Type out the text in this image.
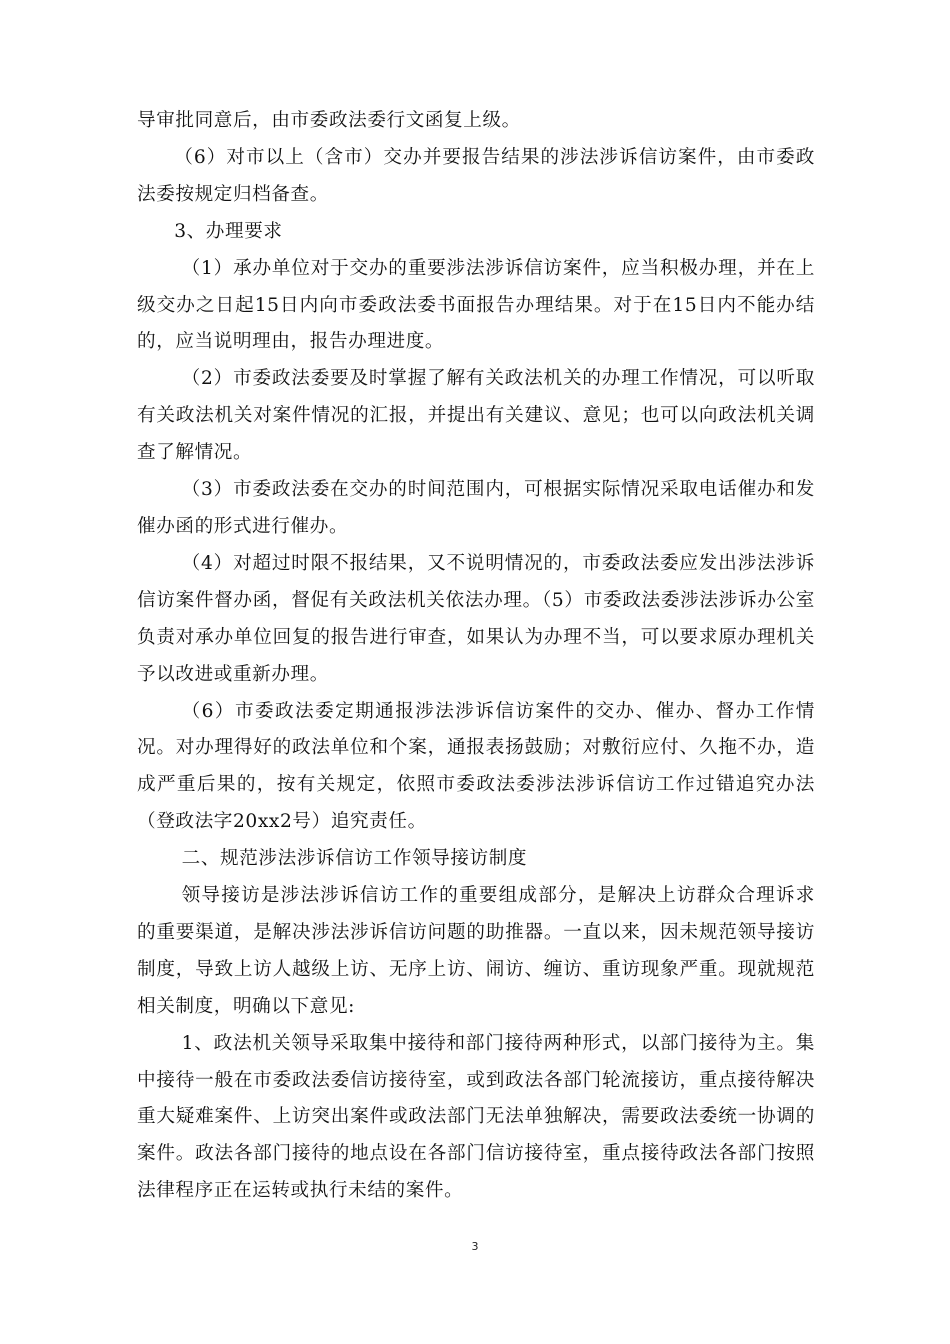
导审批同意后，由市委政法委行文函复上级。

（6）对市以上（含市）交办并要报告结果的涉法涉诉信访案件，由市委政法委按规定归档备查。

3、办理要求

（1）承办单位对于交办的重要涉法涉诉信访案件，应当积极办理，并在上级交办之日起15日内向市委政法委书面报告办理结果。对于在15日内不能办结的，应当说明理由，报告办理进度。

（2）市委政法委要及时掌握了解有关政法机关的办理工作情况，可以听取有关政法机关对案件情况的汇报，并提出有关建议、意见；也可以向政法机关调查了解情况。

（3）市委政法委在交办的时间范围内，可根据实际情况采取电话催办和发催办函的形式进行催办。

（4）对超过时限不报结果，又不说明情况的，市委政法委应发出涉法涉诉信访案件督办函，督促有关政法机关依法办理。（5）市委政法委涉法涉诉办公室负责对承办单位回复的报告进行审查，如果认为办理不当，可以要求原办理机关予以改进或重新办理。

（6）市委政法委定期通报涉法涉诉信访案件的交办、催办、督办工作情况。对办理得好的政法单位和个案，通报表扬鼓励；对敷衍应付、久拖不办，造成严重后果的，按有关规定，依照市委政法委涉法涉诉信访工作过错追究办法（登政法字20xx2号）追究责任。

二、规范涉法涉诉信访工作领导接访制度

领导接访是涉法涉诉信访工作的重要组成部分，是解决上访群众合理诉求的重要渠道，是解决涉法涉诉信访问题的助推器。一直以来，因未规范领导接访制度，导致上访人越级上访、无序上访、闹访、缠访、重访现象严重。现就规范相关制度，明确以下意见:

1、政法机关领导采取集中接待和部门接待两种形式，以部门接待为主。集中接待一般在市委政法委信访接待室，或到政法各部门轮流接访，重点接待解决重大疑难案件、上访突出案件或政法部门无法单独解决，需要政法委统一协调的案件。政法各部门接待的地点设在各部门信访接待室，重点接待政法各部门按照法律程序正在运转或执行未结的案件。

3
